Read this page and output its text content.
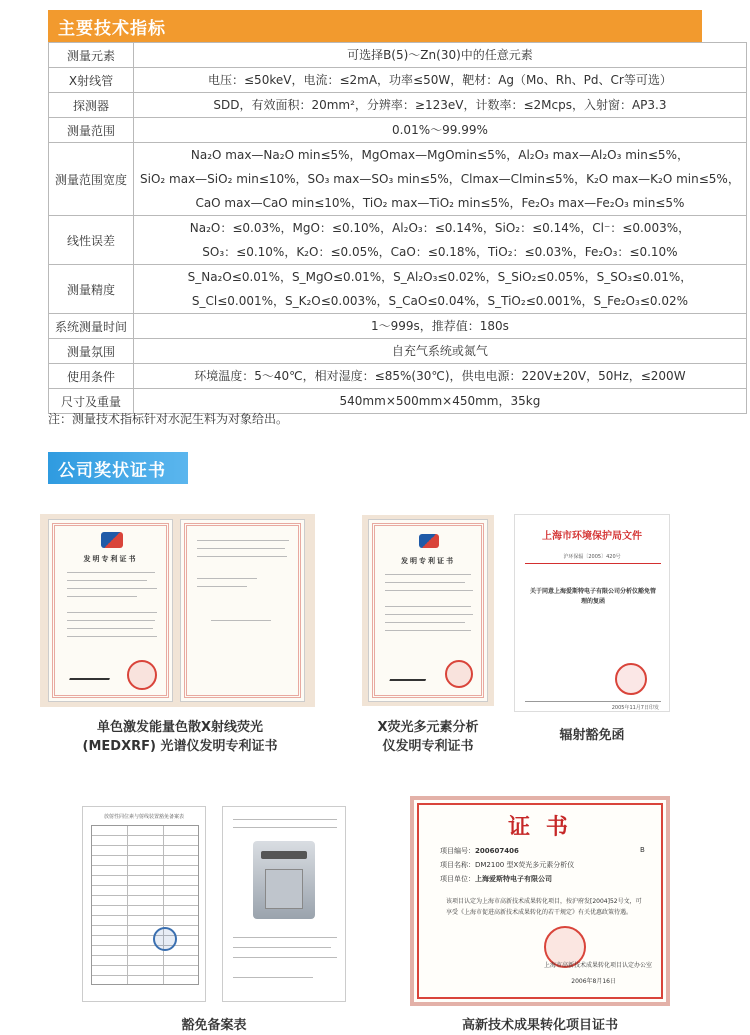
主要技术指标
测量元素	可选择B(5)～Zn(30)中的任意元素

X射线管	电压：≤50keV，电流：≤2mA，功率≤50W，靶材：Ag（Mo、Rh、Pd、Cr等可选）

探测器	SDD，有效面积：20mm²，分辨率：≥123eV，计数率：≤2Mcps，入射窗：AP3.3

测量范围	0.01%～99.99%

测量范围宽度	Na₂O max—Na₂O min≤5%，MgOmax—MgOmin≤5%，Al₂O₃ max—Al₂O₃ min≤5%，
SiO₂ max—SiO₂ min≤10%，SO₃ max—SO₃ min≤5%，Clmax—Clmin≤5%，K₂O max—K₂O min≤5%，
CaO max—CaO min≤10%，TiO₂ max—TiO₂ min≤5%，Fe₂O₃ max—Fe₂O₃ min≤5%

线性误差	Na₂O：≤0.03%，MgO：≤0.10%，Al₂O₃：≤0.14%，SiO₂：≤0.14%，Cl⁻：≤0.003%，
SO₃：≤0.10%，K₂O：≤0.05%，CaO：≤0.18%，TiO₂：≤0.03%，Fe₂O₃：≤0.10%

测量精度	S_Na₂O≤0.01%，S_MgO≤0.01%，S_Al₂O₃≤0.02%，S_SiO₂≤0.05%，S_SO₃≤0.01%，
S_Cl≤0.001%，S_K₂O≤0.003%，S_CaO≤0.04%，S_TiO₂≤0.001%，S_Fe₂O₃≤0.02%

系统测量时间	1～999s，推荐值：180s

测量氛围	自充气系统或氮气

使用条件	环境温度：5～40℃，相对湿度：≤85%(30℃)，供电电源：220V±20V，50Hz，≤200W

尺寸及重量	540mm×500mm×450mm，35kg
注：测量技术指标针对水泥生料为对象给出。
公司奖状证书
发明专利证书
单色激发能量色散X射线荧光
(MEDXRF) 光谱仪发明专利证书
发明专利证书
X荧光多元素分析
仪发明专利证书
上海市环境保护局文件
沪环保辐〔2005〕420号
关于同意上海爱斯特电子有限公司分析仪豁免管理的复函
2005年11月7日印发
辐射豁免函
放射性同位素与射线装置豁免备案表
豁免备案表
证 书
项目编号：200607406	B
项目名称：DM2100 型X荧光多元素分析仪
项目单位：上海爱斯特电子有限公司
该项目认定为上海市高新技术成果转化项目，按沪府发[2004]52号文，可享受《上海市促进高新技术成果转化的若干规定》有关优惠政策待遇。
上海市高新技术成果转化项目认定办公室
2006年8月16日
高新技术成果转化项目证书
